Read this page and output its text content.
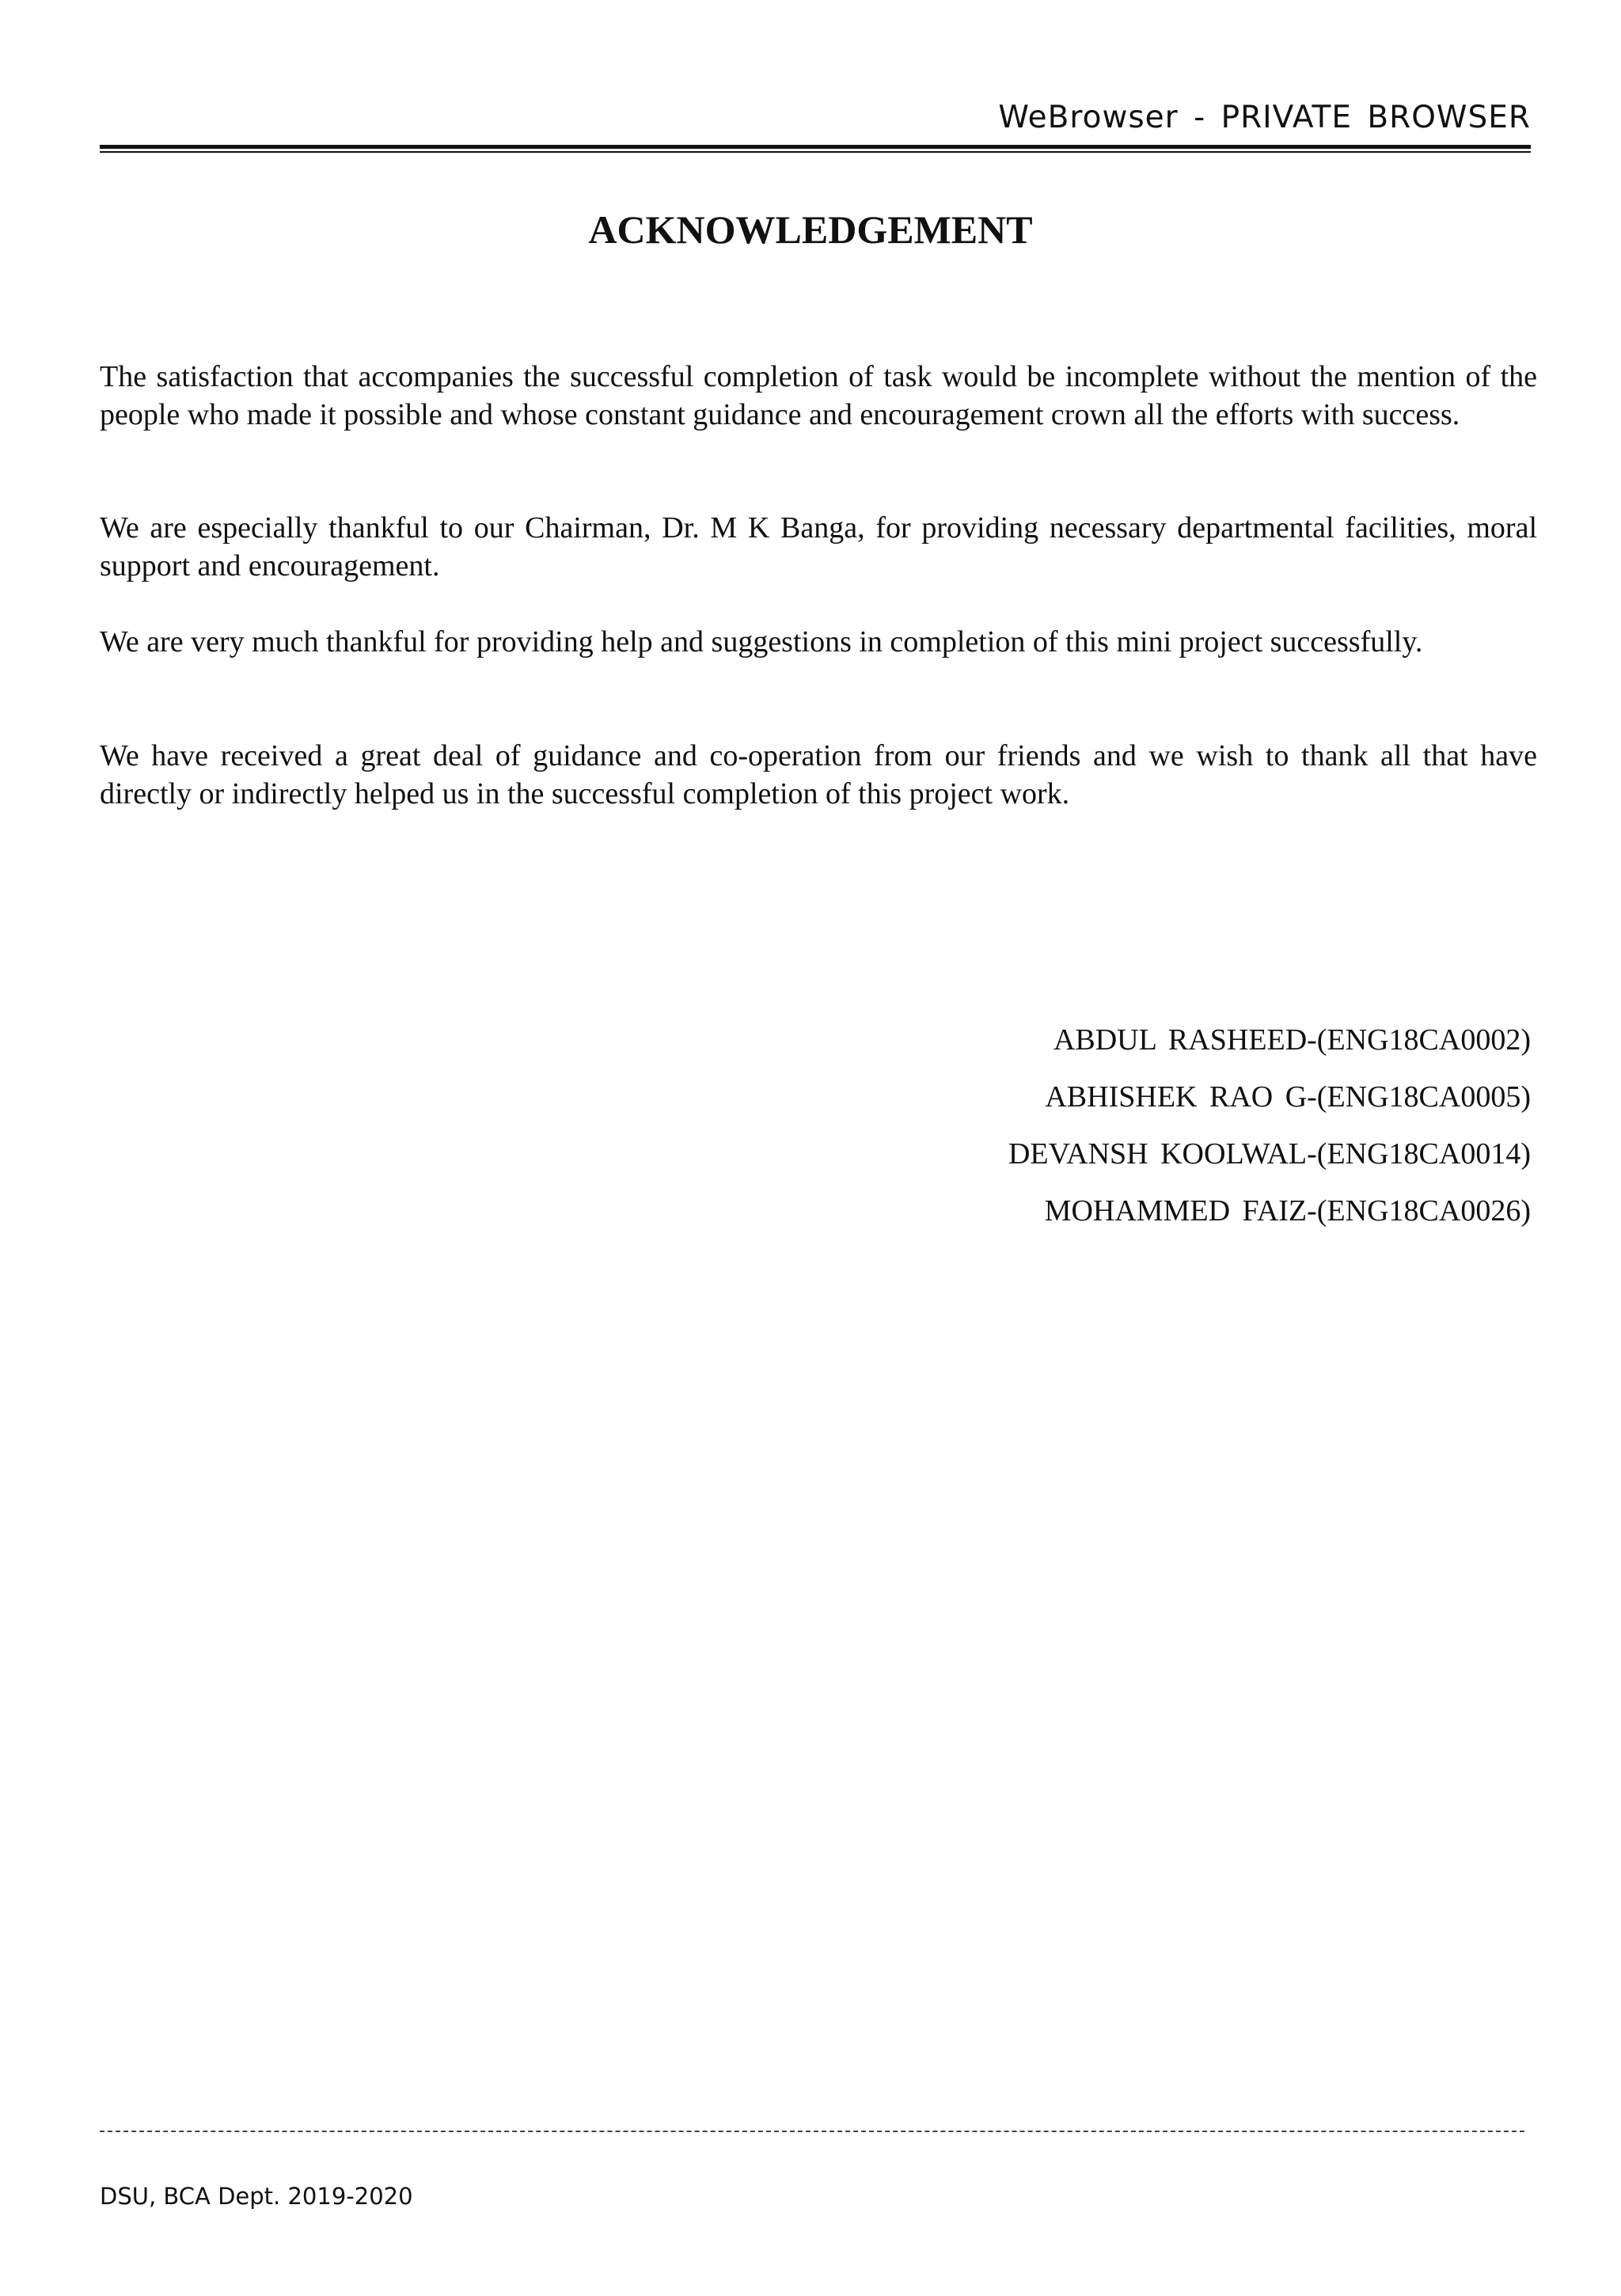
WeBrowser - PRIVATE BROWSER
ACKNOWLEDGEMENT

The satisfaction that accompanies the successful completion of task would be incomplete without the mention of the people who made it possible and whose constant guidance and encouragement crown all the efforts with success.

We are especially thankful to our Chairman, Dr. M K Banga, for providing necessary departmental facilities, moral support and encouragement.

We are very much thankful for providing help and suggestions in completion of this mini project successfully.

We have received a great deal of guidance and co-operation from our friends and we wish to thank all that have directly or indirectly helped us in the successful completion of this project work.

ABDUL RASHEED-(ENG18CA0002)
ABHISHEK RAO G-(ENG18CA0005)
DEVANSH KOOLWAL-(ENG18CA0014)
MOHAMMED FAIZ-(ENG18CA0026)
DSU, BCA Dept. 2019-2020
